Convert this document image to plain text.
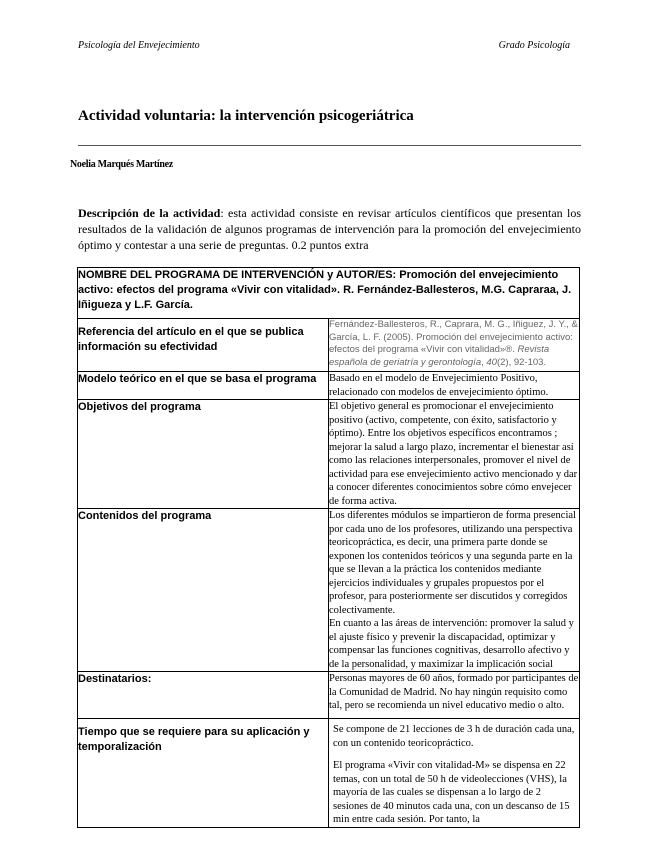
Psicología del Envejecimiento	Grado Psicología
Actividad voluntaria: la intervención psicogeriátrica
Noelia Marqués Martínez
Descripción de la actividad: esta actividad consiste en revisar artículos científicos que presentan los resultados de la validación de algunos programas de intervención para la promoción del envejecimiento óptimo y contestar a una serie de preguntas. 0.2 puntos extra
NOMBRE DEL PROGRAMA DE INTERVENCIÓN y AUTOR/ES: Promoción del envejecimiento activo: efectos del programa «Vivir con vitalidad». R. Fernández-Ballesteros, M.G. Capraraa, J. Iñigueza y L.F. García.	
Referencia del artículo en el que se publica información su efectividad	Fernández-Ballesteros, R., Caprara, M. G., Iñiguez, J. Y., & García, L. F. (2005). Promoción del envejecimiento activo: efectos del programa «Vivir con vitalidad»®. Revista española de geriatría y gerontología, 40(2), 92-103.
Modelo teórico en el que se basa el programa	Basado en el modelo de Envejecimiento Positivo, relacionado con modelos de envejecimiento óptimo.
Objetivos del programa	El objetivo general es promocionar el envejecimiento positivo (activo, competente, con éxito, satisfactorio y óptimo). Entre los objetivos específicos encontramos ; mejorar la salud a largo plazo, incrementar el bienestar así como las relaciones interpersonales, promover el nivel de actividad para ese envejecimiento activo mencionado y dar a conocer diferentes conocimientos sobre cómo envejecer de forma activa.
Contenidos del programa	Los diferentes módulos se impartieron de forma presencial por cada uno de los profesores, utilizando una perspectiva teoricopráctica, es decir, una primera parte donde se exponen los contenidos teóricos y una segunda parte en la que se llevan a la práctica los contenidos mediante ejercicios individuales y grupales propuestos por el profesor, para posteriormente ser discutidos y corregidos colectivamente.
En cuanto a las áreas de intervención: promover la salud y el ajuste físico y prevenir la discapacidad, optimizar y compensar las funciones cognitivas, desarrollo afectivo y de la personalidad, y maximizar la implicación social

Destinatarios:	Personas mayores de 60 años, formado por participantes de la Comunidad de Madrid. No hay ningún requisito como tal, pero se recomienda un nivel educativo medio o alto.
Tiempo que se requiere para su aplicación y temporalización	Se compone de 21 lecciones de 3 h de duración cada una, con un contenido teoricopráctico.
El programa «Vivir con vitalidad-M» se dispensa en 22 temas, con un total de 50 h de videolecciones (VHS), la mayoría de las cuales se dispensan a lo largo de 2 sesiones de 40 minutos cada una, con un descanso de 15 min entre cada sesión. Por tanto, la
